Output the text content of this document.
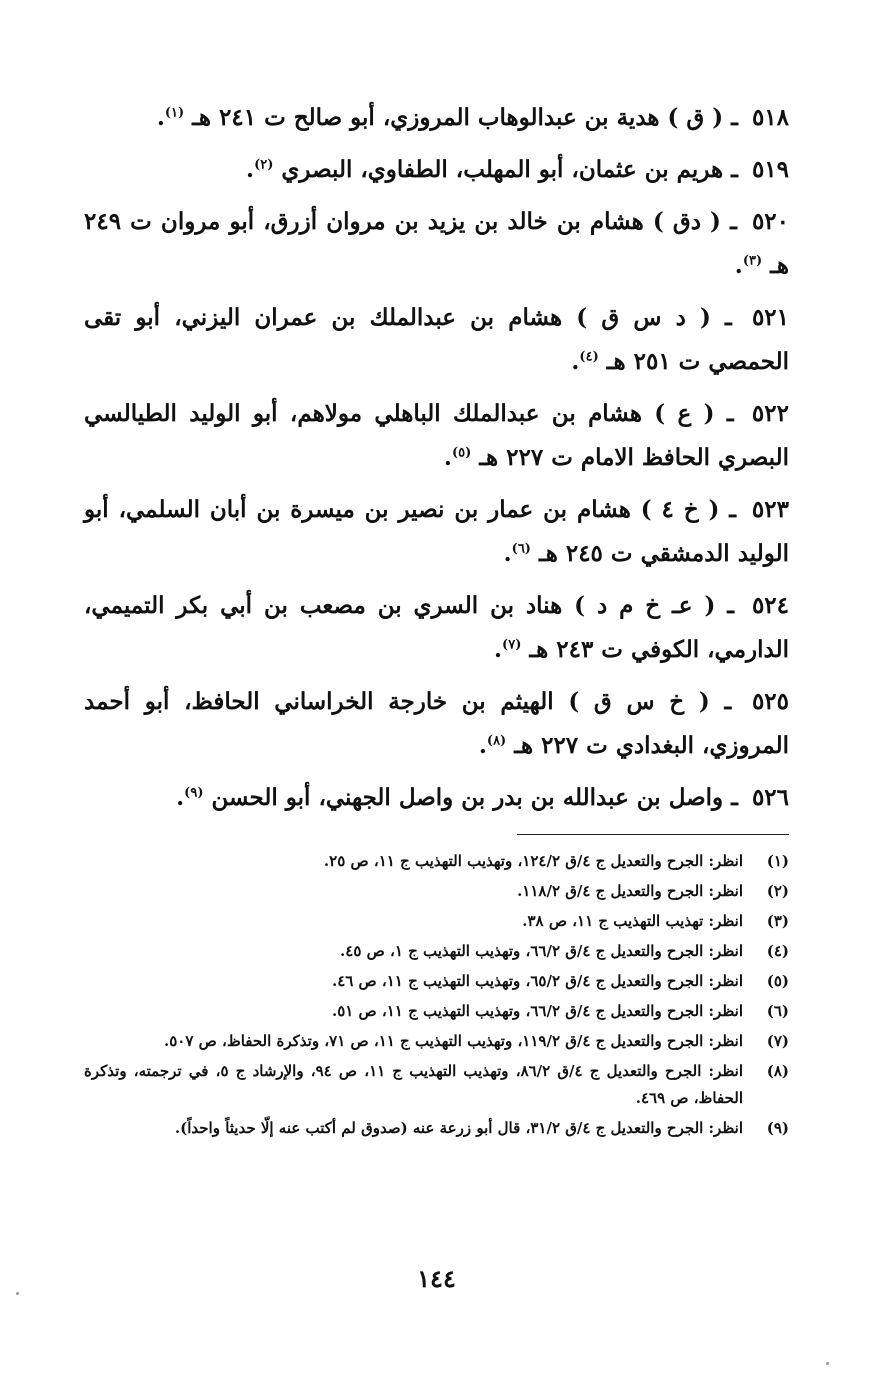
٥١٨ ـ ( ق ) هدية بن عبدالوهاب المروزي، أبو صالح ت ٢٤١ هـ $^{(١)}$.
٥١٩ ـ هريم بن عثمان، أبو المهلب، الطفاوي، البصري $^{(٢)}$.
٥٢٠ ـ ( دق ) هشام بن خالد بن يزيد بن مروان أزرق، أبو مروان ت ٢٤٩ هـ $^{(٣)}$.
٥٢١ ـ ( د س ق ) هشام بن عبدالملك بن عمران اليزني، أبو تقى الحمصي ت ٢٥١ هـ $^{(٤)}$.
٥٢٢ ـ ( ع ) هشام بن عبدالملك الباهلي مولاهم، أبو الوليد الطيالسي البصري الحافظ الامام ت ٢٢٧ هـ $^{(٥)}$.
٥٢٣ ـ ( خ ٤ ) هشام بن عمار بن نصير بن ميسرة بن أبان السلمي، أبو الوليد الدمشقي ت ٢٤٥ هـ $^{(٦)}$.
٥٢٤ ـ ( عـ خ م د ) هناد بن السري بن مصعب بن أبي بكر التميمي، الدارمي، الكوفي ت ٢٤٣ هـ $^{(٧)}$.
٥٢٥ ـ ( خ س ق ) الهيثم بن خارجة الخراساني الحافظ، أبو أحمد المروزي، البغدادي ت ٢٢٧ هـ $^{(٨)}$.
٥٢٦ ـ واصل بن عبدالله بن بدر بن واصل الجهني، أبو الحسن $^{(٩)}$.
(١)
انظر: الجرح والتعديل ج ٤/ق ١٢٤/٢، وتهذيب التهذيب ج ١١، ص ٢٥.
(٢)
انظر: الجرح والتعديل ج ٤/ق ١١٨/٢.
(٣)
انظر: تهذيب التهذيب ج ١١، ص ٣٨.
(٤)
انظر: الجرح والتعديل ج ٤/ق ٦٦/٢، وتهذيب التهذيب ج ١، ص ٤٥.
(٥)
انظر: الجرح والتعديل ج ٤/ق ٦٥/٢، وتهذيب التهذيب ج ١١، ص ٤٦.
(٦)
انظر: الجرح والتعديل ج ٤/ق ٦٦/٢، وتهذيب التهذيب ج ١١، ص ٥١.
(٧)
انظر: الجرح والتعديل ج ٤/ق ١١٩/٢، وتهذيب التهذيب ج ١١، ص ٧١، وتذكرة الحفاظ، ص ٥٠٧.
(٨)
انظر: الجرح والتعديل ج ٤/ق ٨٦/٢، وتهذيب التهذيب ج ١١، ص ٩٤، والإرشاد ج ٥، في ترجمته، وتذكرة الحفاظ، ص ٤٦٩.
(٩)
انظر: الجرح والتعديل ج ٤/ق ٣١/٢، قال أبو زرعة عنه (صدوق لم أكتب عنه إلّا حديثاً واحداً).
١٤٤
